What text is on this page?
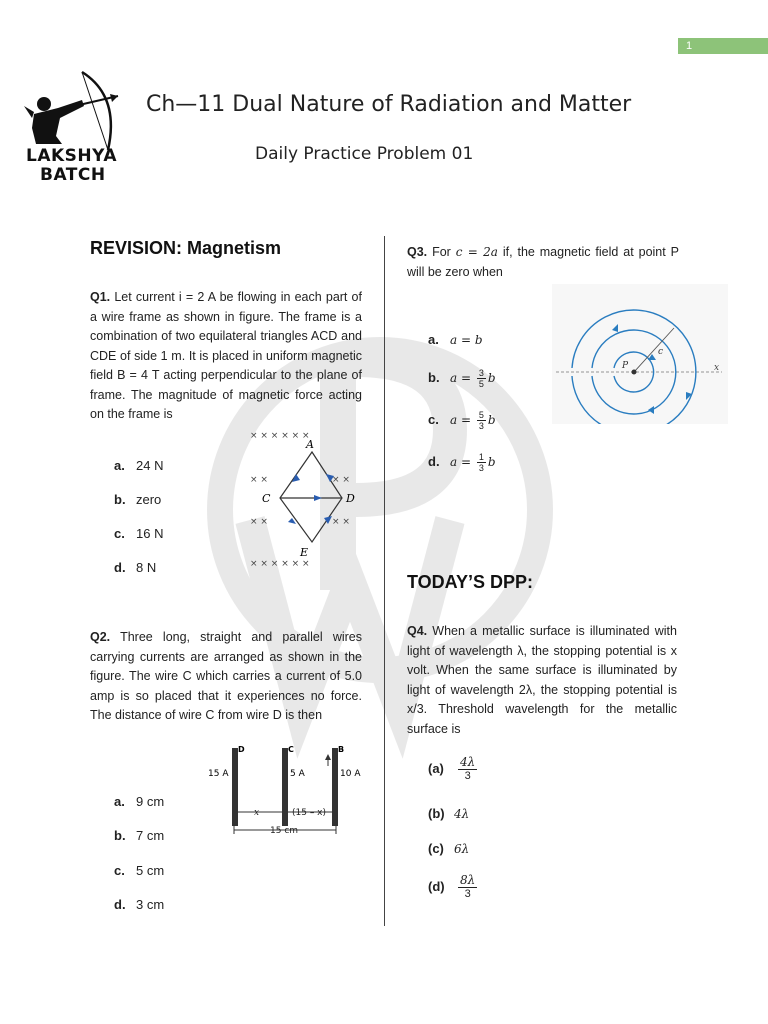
1
LAKSHYA
BATCH
Ch—11 Dual Nature of Radiation and Matter
Daily Practice Problem 01
REVISION: Magnetism
Q1. Let current i = 2 A be flowing in each part of a wire frame as shown in figure. The frame is a combination of two equilateral triangles ACD and CDE of side 1 m. It is placed in uniform magnetic field B = 4 T acting perpendicular to the plane of frame. The magnitude of magnetic force acting on the frame is
× × × × × ×
× ×	× ×
× ×	× ×
× × × × × ×
A
C	D
E
a. 24 N
b. zero
c. 16 N
d. 8 N
Q2. Three long, straight and parallel wires carrying currents are arranged as shown in the figure. The wire C which carries a current of 5.0 amp is so placed that it experiences no force. The distance of wire C from wire D is then
D	C	B
15 A	5 A	10 A
x	(15 – x)
15 cm
a. 9 cm
b. 7 cm
c. 5 cm
d. 3 cm
Q3. For c = 2a if, the magnetic field at point P will be zero when
x
P
c
a. a = b
b. $a = \frac{3}{5}$ b
c. $a = \frac{5}{3}$ b
d. $a = \frac{1}{3}$ b
TODAY’S DPP:
Q4. When a metallic surface is illuminated with light of wavelength λ, the stopping potential is x volt. When the same surface is illuminated by light of wavelength 2λ, the stopping potential is x/3. Threshold wavelength for the metallic surface is
$(a) \frac{4\lambda}{3}$
(b) 4λ
(c) 6λ
$(d) \frac{8\lambda}{3}$
